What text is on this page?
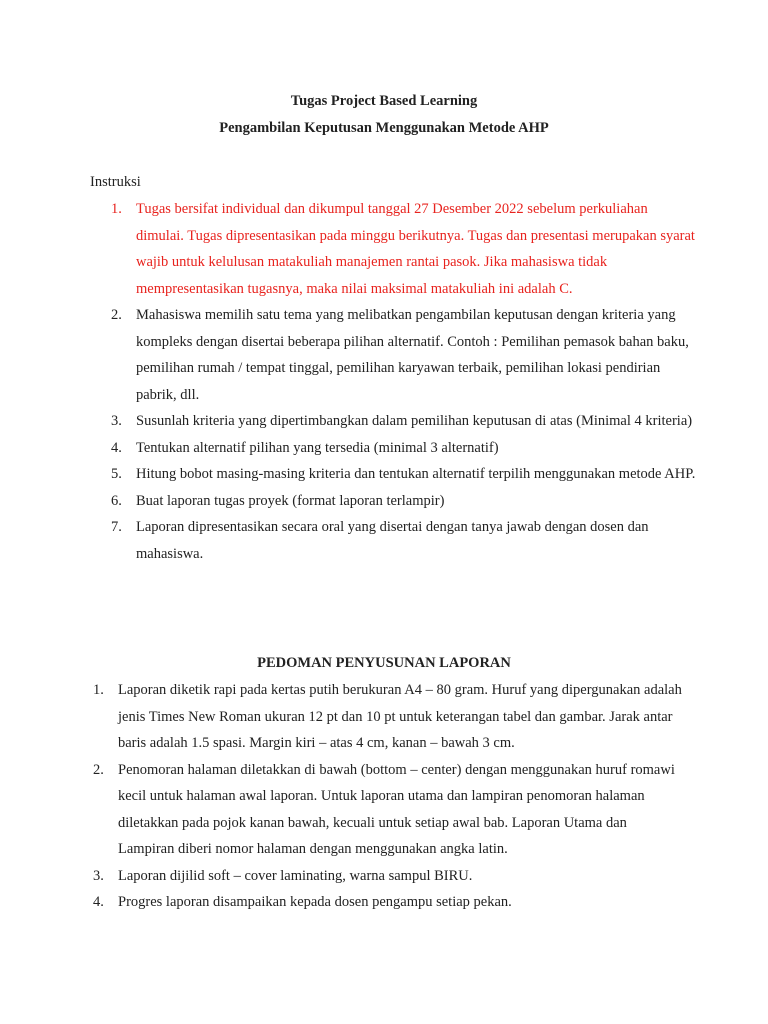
Tugas Project Based Learning
Pengambilan Keputusan Menggunakan Metode AHP
Instruksi
1. Tugas bersifat individual dan dikumpul tanggal 27 Desember 2022 sebelum perkuliahan dimulai. Tugas dipresentasikan pada minggu berikutnya. Tugas dan presentasi merupakan syarat wajib untuk kelulusan matakuliah manajemen rantai pasok. Jika mahasiswa tidak mempresentasikan tugasnya, maka nilai maksimal matakuliah ini adalah C.
2. Mahasiswa memilih satu tema yang melibatkan pengambilan keputusan dengan kriteria yang kompleks dengan disertai beberapa pilihan alternatif. Contoh : Pemilihan pemasok bahan baku, pemilihan rumah / tempat tinggal, pemilihan karyawan terbaik, pemilihan lokasi pendirian pabrik, dll.
3. Susunlah kriteria yang dipertimbangkan dalam pemilihan keputusan di atas (Minimal 4 kriteria)
4. Tentukan alternatif pilihan yang tersedia (minimal 3 alternatif)
5. Hitung bobot masing-masing kriteria dan tentukan alternatif terpilih menggunakan metode AHP.
6. Buat laporan tugas proyek (format laporan terlampir)
7. Laporan dipresentasikan secara oral yang disertai dengan tanya jawab dengan dosen dan mahasiswa.
PEDOMAN PENYUSUNAN LAPORAN
1. Laporan diketik rapi pada kertas putih berukuran A4 – 80 gram. Huruf yang dipergunakan adalah jenis Times New Roman ukuran 12 pt dan 10 pt untuk keterangan tabel dan gambar. Jarak antar baris adalah 1.5 spasi. Margin kiri – atas 4 cm, kanan – bawah 3 cm.
2. Penomoran halaman diletakkan di bawah (bottom – center) dengan menggunakan huruf romawi kecil untuk halaman awal laporan. Untuk laporan utama dan lampiran penomoran halaman diletakkan pada pojok kanan bawah, kecuali untuk setiap awal bab. Laporan Utama dan Lampiran diberi nomor halaman dengan menggunakan angka latin.
3. Laporan dijilid soft – cover laminating, warna sampul BIRU.
4. Progres laporan disampaikan kepada dosen pengampu setiap pekan.
